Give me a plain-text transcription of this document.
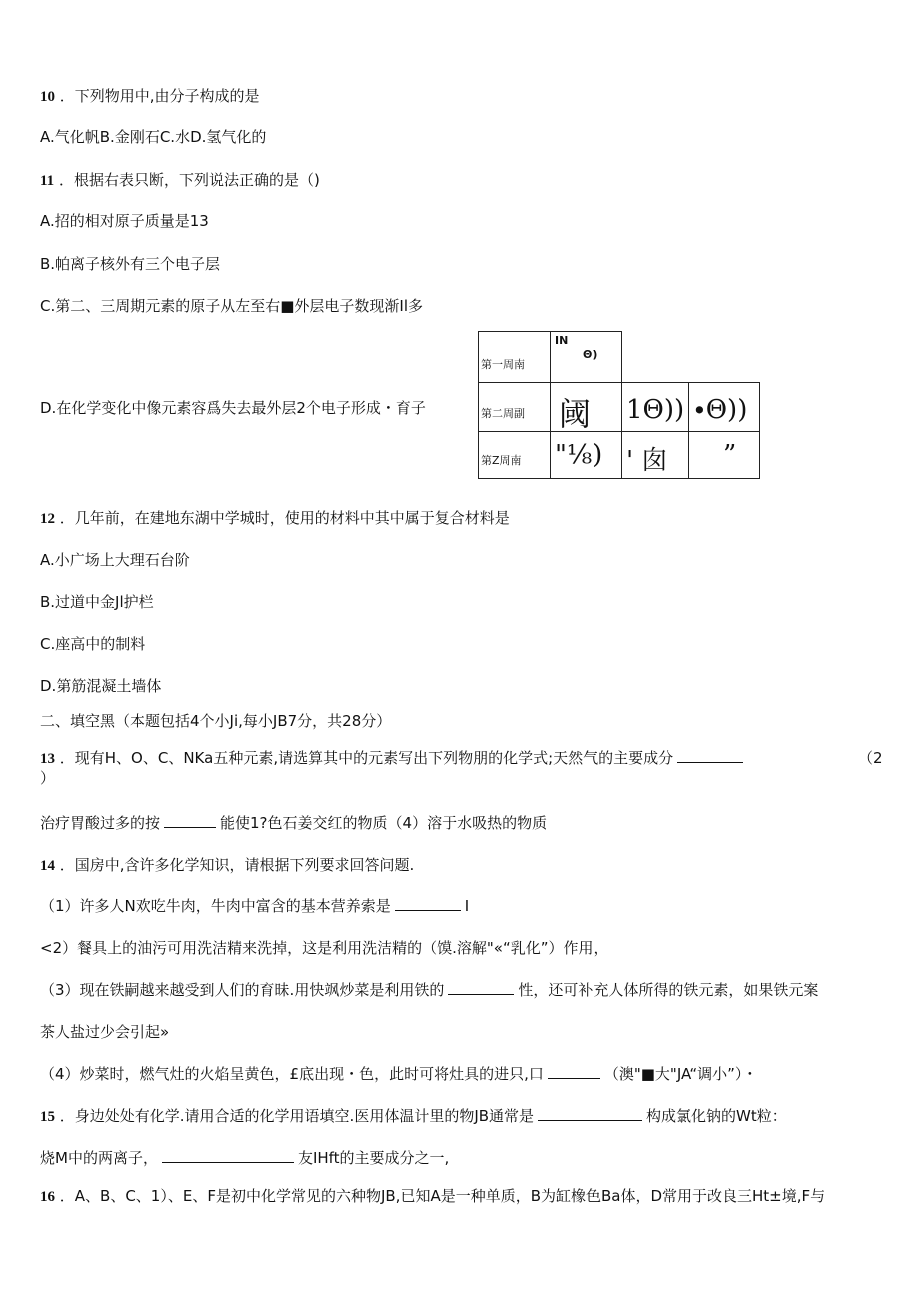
10 ．下列物用中,由分子构成的是
A.气化帆B.金刚石C.水D.氢气化的
11 ．根据右表只断，下列说法正确的是（)
A.招的相对原子质量是13
B.帕离子核外有三个电子层
C.第二、三周期元素的原子从左至右■外层电子数现渐Il多
D.在化学变化中像元素容爲失去最外层2个电子形成・育子
第一周南	IN
Θ)		

第二周副	阈	1Θ))	∙Θ))

第Z周南	"⅛)	' 囱	”
12 ．几年前，在建地东湖中学城时，使用的材料中其中属于复合材料是
A.小广场上大理石台阶
B.过道中金Jl护栏
C.座高中的制料
D.第筋混凝土墙体
二、填空黑（本题包括4个小Ji,每小JB7分，共28分）
13 ．现有H、O、C、NKa五种元素,请选算其中的元素写出下列物朋的化学式;天然气的主要成分	（2
）
治疗胃酸过多的按	能使1?色石姜交红的物质（4）溶于水吸热的物质
14 ．国房中,含许多化学知识，请根据下列要求回答问题.
（1）许多人N欢吃牛肉，牛肉中富含的基本营养索是	I
<2）餐具上的油污可用洗洁精来洗掉，这是利用洗洁精的（馍.溶解"«“乳化”）作用，
（3）现在铁嗣越来越受到人们的育昧.用快飒炒菜是利用铁的	性，还可补充人体所得的铁元素，如果铁元案
茶人盐过少会引起»
（4）炒菜时，燃气灶的火焰呈黄色，£底出现・色，此时可将灶具的进只,口	（澳"■大"JA“调小”）・
15 ．身边处处有化学.请用合适的化学用语填空.医用体温计里的物JB通常是	构成氯化钠的Wt粒：
烧M中的两离子，	友IHft的主要成分之一,
16 ．A、B、C、1）、E、F是初中化学常见的六种物JB,已知A是一种单质，B为缸橡色Ba体，D常用于改良三Ht±境,F与
